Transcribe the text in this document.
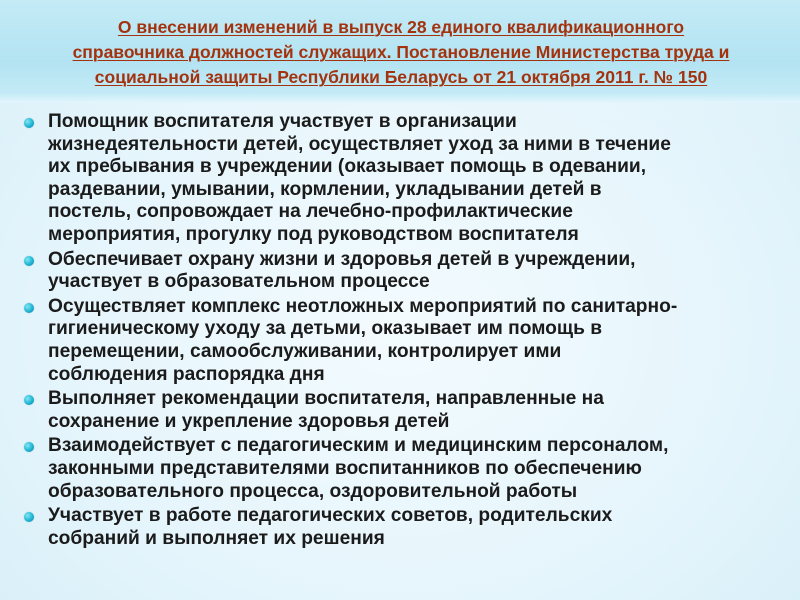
О внесении изменений в выпуск 28 единого квалификационного
справочника должностей служащих. Постановление Министерства труда и
социальной защиты Республики Беларусь от 21 октября 2011 г. № 150
Помощник воспитателя участвует в организации
жизнедеятельности детей, осуществляет уход за ними в течение
их пребывания в учреждении (оказывает помощь в одевании,
раздевании, умывании, кормлении, укладывании детей в
постель, сопровождает на лечебно-профилактические
мероприятия, прогулку под руководством воспитателя
Обеспечивает охрану жизни и здоровья детей в учреждении,
участвует в образовательном процессе
Осуществляет комплекс неотложных мероприятий по санитарно-
гигиеническому уходу за детьми, оказывает им помощь в
перемещении, самообслуживании, контролирует ими
соблюдения распорядка дня
Выполняет рекомендации воспитателя, направленные на
сохранение и укрепление здоровья детей
Взаимодействует с педагогическим и медицинским персоналом,
законными представителями воспитанников по обеспечению
образовательного процесса, оздоровительной работы
Участвует в работе педагогических советов, родительских
собраний и выполняет их решения
